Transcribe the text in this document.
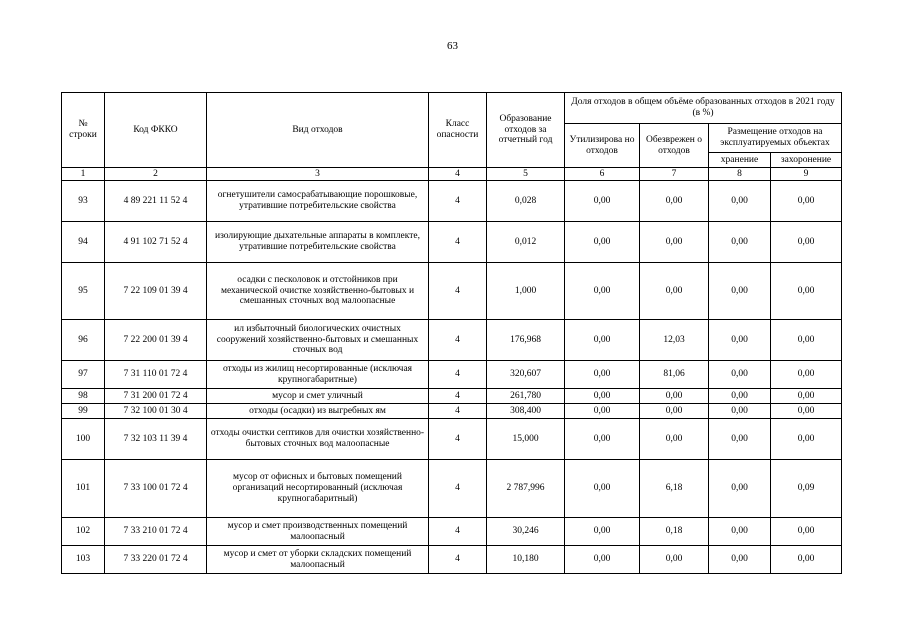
63
№ строки	Код ФККО	Вид отходов	Класс опасности	Образование отходов за отчетный год	Доля отходов в общем объёме образованных отходов в 2021 году (в %)			
					Утилизирова но отходов	Обезврежен о отходов	Размещение отходов на эксплуатируемых объектах	
							хранение	захоронение
1	2	3	4	5	6	7	8	9
93	4 89 221 11 52 4	огнетушители самосрабатывающие порошковые, утратившие потребительские свойства	4	0,028	0,00	0,00	0,00	0,00
94	4 91 102 71 52 4	изолирующие дыхательные аппараты в комплекте, утратившие потребительские свойства	4	0,012	0,00	0,00	0,00	0,00
95	7 22 109 01 39 4	осадки с песколовок и отстойников при механической очистке хозяйственно-бытовых и смешанных сточных вод малоопасные	4	1,000	0,00	0,00	0,00	0,00
96	7 22 200 01 39 4	ил избыточный биологических очистных сооружений хозяйственно-бытовых и смешанных сточных вод	4	176,968	0,00	12,03	0,00	0,00
97	7 31 110 01 72 4	отходы из жилищ несортированные (исключая крупногабаритные)	4	320,607	0,00	81,06	0,00	0,00
98	7 31 200 01 72 4	мусор и смет уличный	4	261,780	0,00	0,00	0,00	0,00
99	7 32 100 01 30 4	отходы (осадки) из выгребных ям	4	308,400	0,00	0,00	0,00	0,00
100	7 32 103 11 39 4	отходы очистки септиков для очистки хозяйственно-бытовых сточных вод малоопасные	4	15,000	0,00	0,00	0,00	0,00
101	7 33 100 01 72 4	мусор от офисных и бытовых помещений организаций несортированный (исключая крупногабаритный)	4	2 787,996	0,00	6,18	0,00	0,09
102	7 33 210 01 72 4	мусор и смет производственных помещений малоопасный	4	30,246	0,00	0,18	0,00	0,00
103	7 33 220 01 72 4	мусор и смет от уборки складских помещений малоопасный	4	10,180	0,00	0,00	0,00	0,00
